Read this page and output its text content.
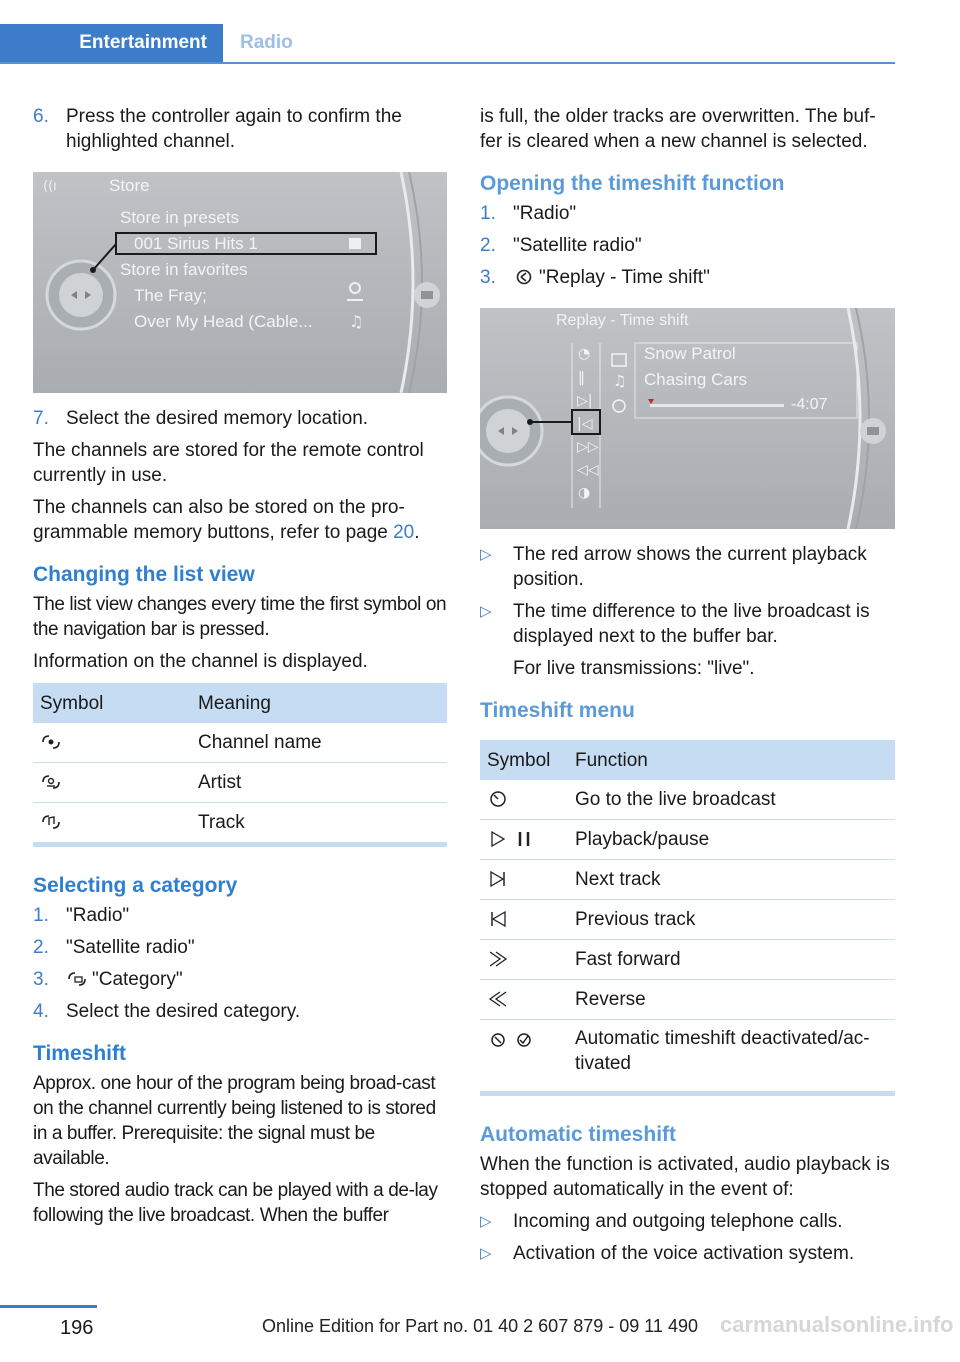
Entertainment	Radio
6. Press the controller again to confirm the highlighted channel.
♫
((ı	Store
Store in presets
001 Sirius Hits 1
Store in favorites
The Fray;
Over My Head (Cable...
7. Select the desired memory location.

The channels are stored for the remote control currently in use.

The channels can also be stored on the pro-grammable memory buttons, refer to page 20.

Changing the list view

The list view changes every time the first symbol on the navigation bar is pressed.

Information on the channel is displayed.

Symbol	Meaning
	Channel name
	Artist
	Track
Selecting a category
1. "Radio"
2. "Satellite radio"
3.	"Category"
4. Select the desired category.
Timeshift

Approx. one hour of the program being broad-cast on the channel currently being listened to is stored in a buffer. Prerequisite: the signal must be available.

The stored audio track can be played with a de-lay following the live broadcast. When the buffer

is full, the older tracks are overwritten. The buf-fer is cleared when a new channel is selected.

Opening the timeshift function
1. "Radio"
2. "Satellite radio"
3.	"Replay - Time shift"
◔
‖
▷|
|◁
▷▷
◁◁
◑
♫
Replay - Time shift
Snow Patrol
Chasing Cars
-4:07
▷	The red arrow shows the current playback position.
▷	The time difference to the live broadcast is displayed next to the buffer bar.

For live transmissions: "live".

Timeshift menu
Symbol	Function
	Go to the live broadcast
	Playback/pause
	Next track
	Previous track
	Fast forward
	Reverse
	Automatic timeshift deactivated/ac-tivated
Automatic timeshift

When the function is activated, audio playback is stopped automatically in the event of:

▷	Incoming and outgoing telephone calls.
▷	Activation of the voice activation system.
196	Online Edition for Part no. 01 40 2 607 879 - 09 11 490	carmanualsonline.info
